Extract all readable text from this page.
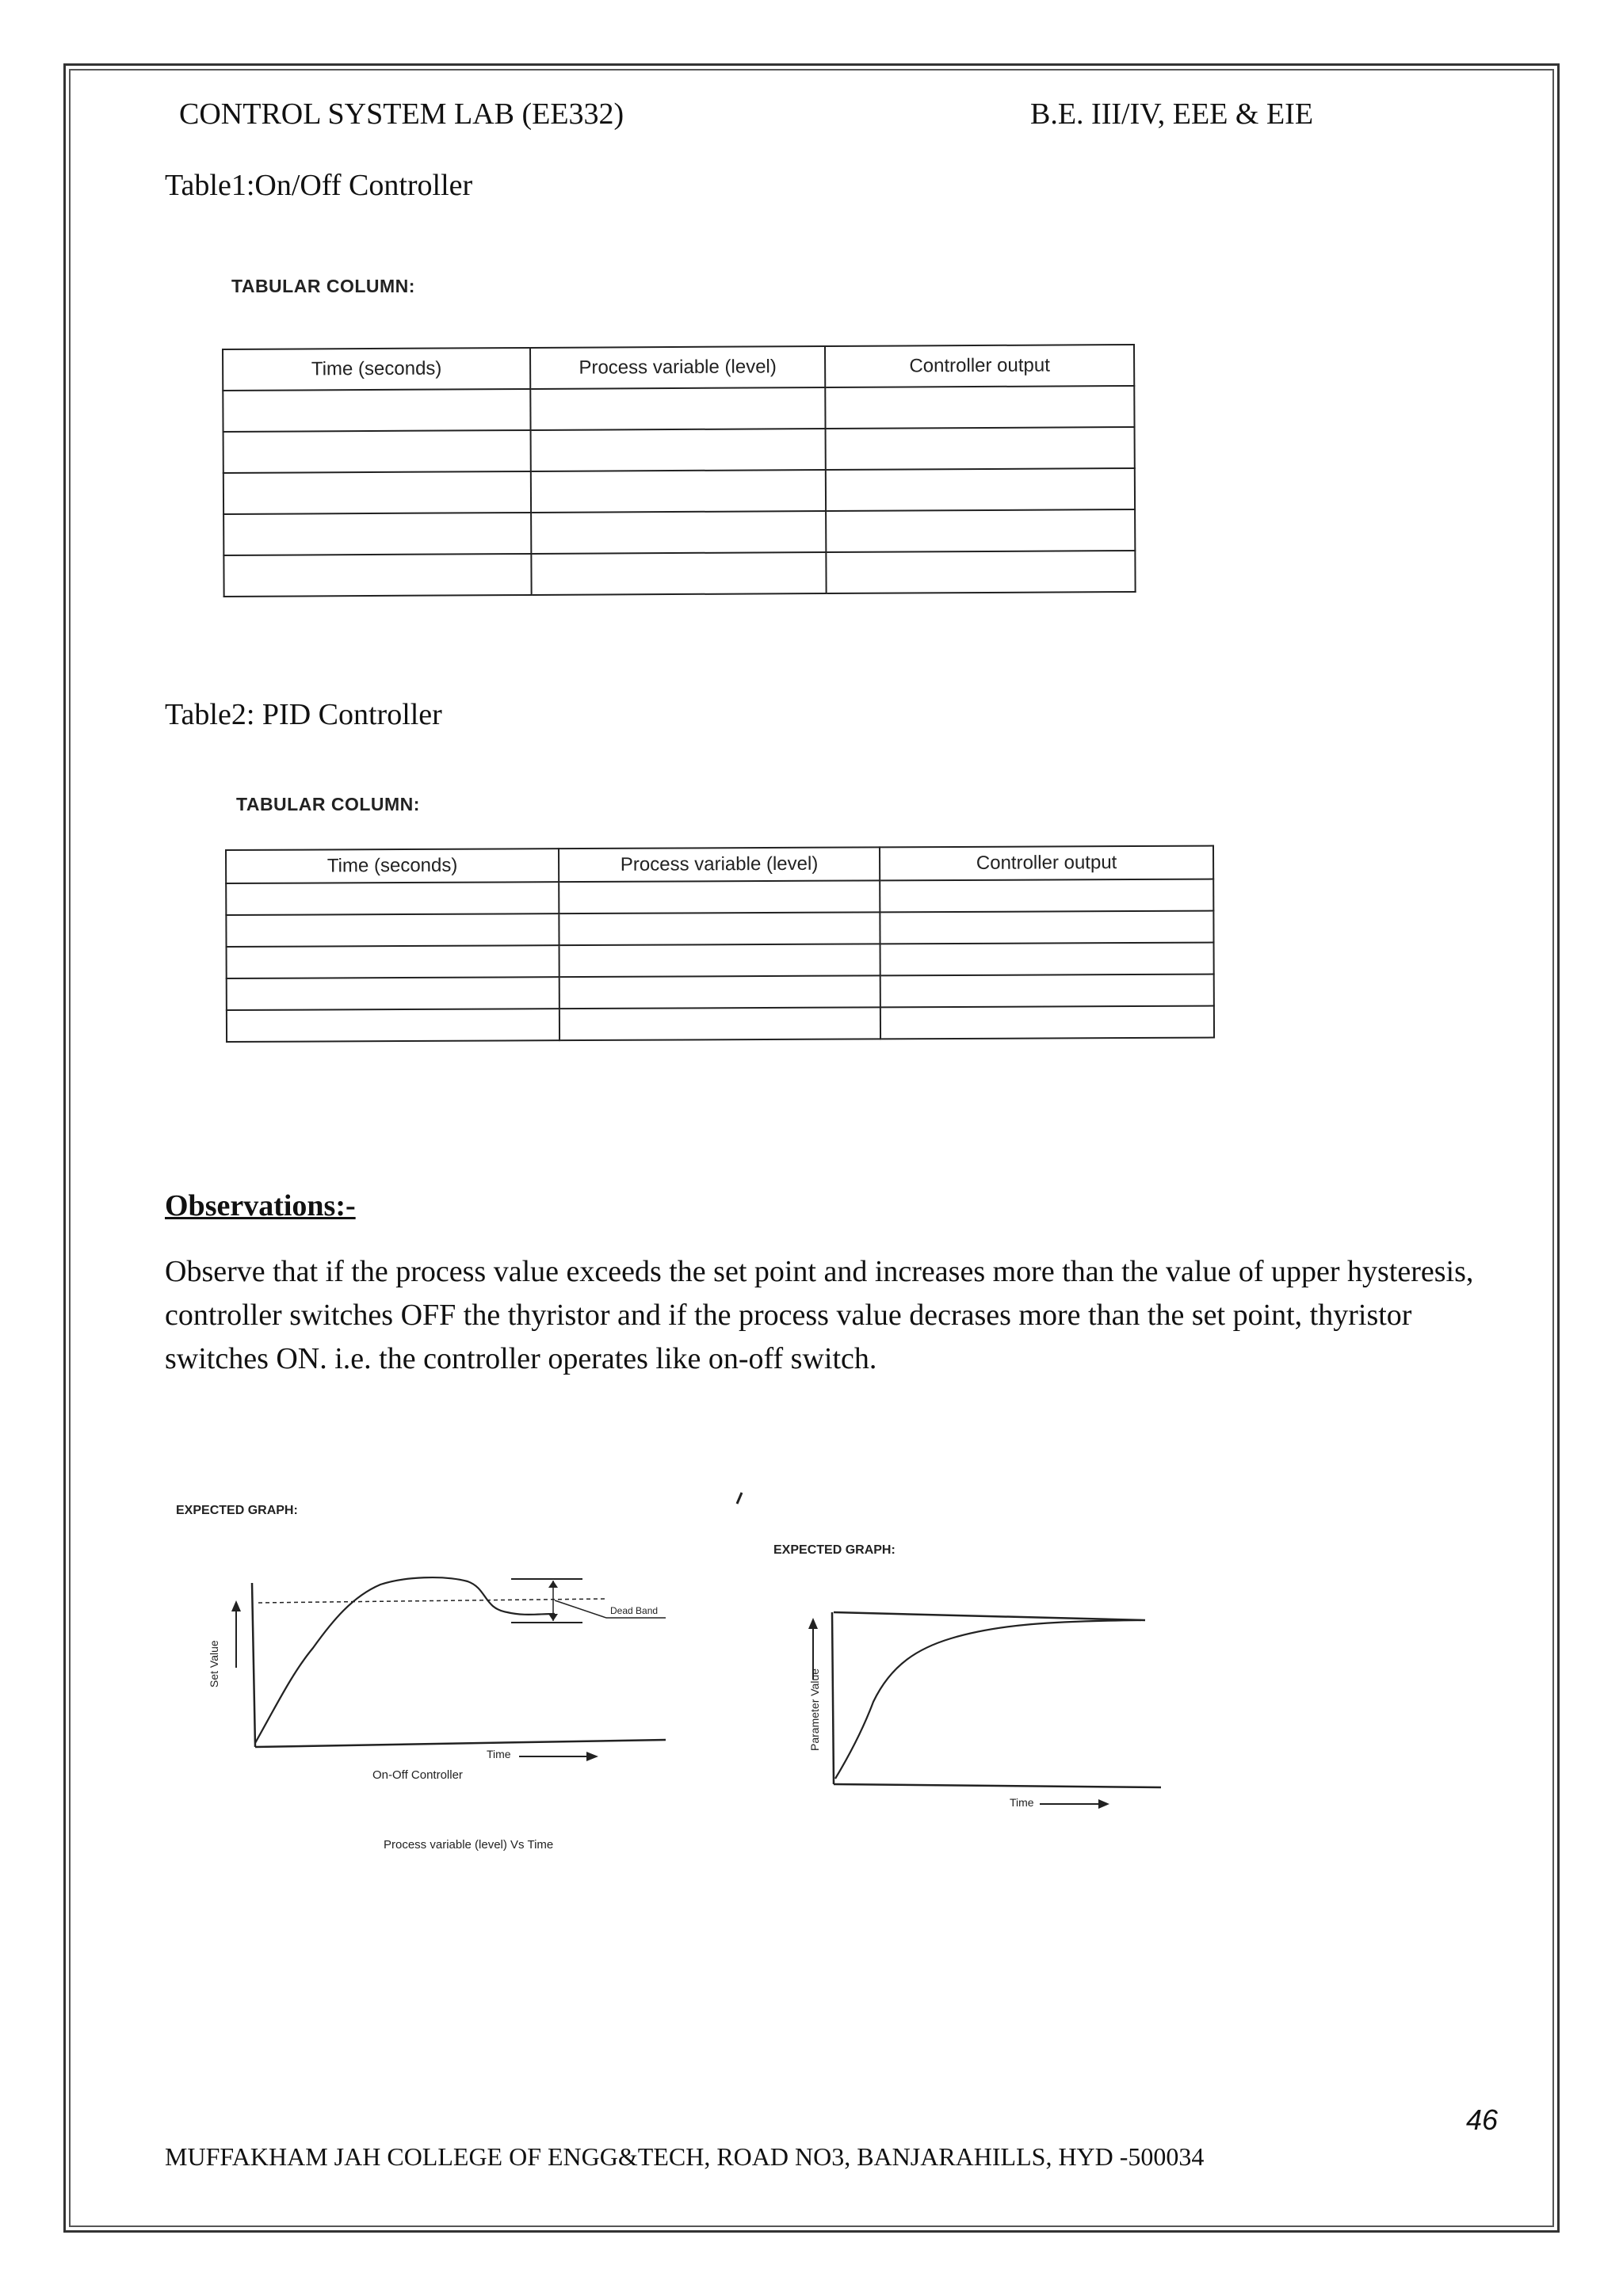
CONTROL SYSTEM LAB (EE332)	B.E. III/IV, EEE & EIE
Table1:On/Off Controller
TABULAR COLUMN:
Time (seconds)	Process variable (level)	Controller output

Table2: PID Controller
TABULAR COLUMN:
Time (seconds)	Process variable (level)	Controller output

Observations:-
Observe that if the process value exceeds the set point and increases more than the value of upper hysteresis, controller switches OFF the thyristor and if the process value decrases more than the set point, thyristor switches ON. i.e. the controller operates like on-off switch.
EXPECTED GRAPH:
Set Value
Time
Dead Band
On-Off Controller
Process variable (level) Vs Time
EXPECTED GRAPH:
Parameter Value
Time
46
MUFFAKHAM JAH COLLEGE OF ENGG&TECH, ROAD NO3, BANJARAHILLS, HYD -500034
